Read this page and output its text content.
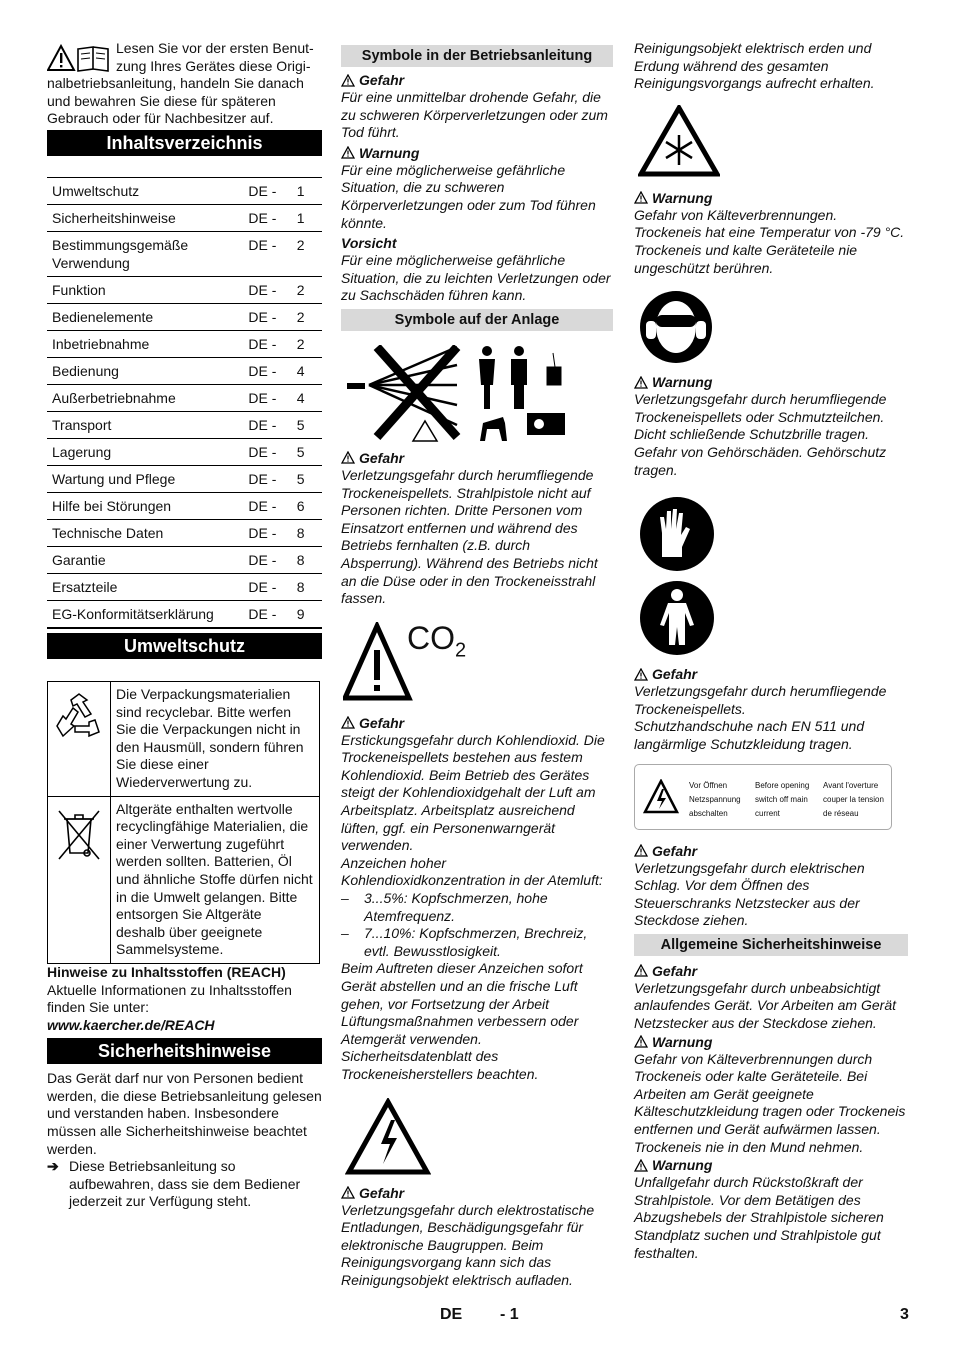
Lesen Sie vor der ersten Benut-

zung Ihres Gerätes diese Origi-

nalbetriebsanleitung, handeln Sie danach und bewahren Sie diese für späteren Gebrauch oder für Nachbesitzer auf.

Inhaltsverzeichnis
Umweltschutz	DE -	1
Sicherheitshinweise	DE -	1
Bestimmungsgemäße Verwendung	DE -	2
Funktion	DE -	2
Bedienelemente	DE -	2
Inbetriebnahme	DE -	2
Bedienung	DE -	4
Außerbetriebnahme	DE -	4
Transport	DE -	5
Lagerung	DE -	5
Wartung und Pflege	DE -	5
Hilfe bei Störungen	DE -	6
Technische Daten	DE -	8
Garantie	DE -	8
Ersatzteile	DE -	8
EG-Konformitätserklärung	DE -	9
Umweltschutz
	Die Verpackungsmaterialien sind recyclebar. Bitte werfen Sie die Verpackungen nicht in den Hausmüll, sondern führen Sie diese einer Wiederverwertung zu.
	Altgeräte enthalten wertvolle recyclingfähige Materialien, die einer Verwertung zugeführt werden sollten. Batterien, Öl und ähnliche Stoffe dürfen nicht in die Umwelt gelangen. Bitte entsorgen Sie Altgeräte deshalb über geeignete Sammelsysteme.

Hinweise zu Inhaltsstoffen (REACH)

Aktuelle Informationen zu Inhaltsstoffen finden Sie unter:

www.kaercher.de/REACH

Sicherheitshinweise

Das Gerät darf nur von Personen bedient werden, die diese Betriebsanleitung gelesen und verstanden haben. Insbesondere müssen alle Sicherheitshinweise beachtet werden.

➔ Diese Betriebsanleitung so aufbewahren, dass sie dem Bediener jederzeit zur Verfügung steht.

Symbole in der Betriebsanleitung
Gefahr

Für eine unmittelbar drohende Gefahr, die zu schweren Körperverletzungen oder zum Tod führt.

Warnung

Für eine möglicherweise gefährliche Situation, die zu schweren Körperverletzungen oder zum Tod führen könnte.

Vorsicht

Für eine möglicherweise gefährliche Situation, die zu leichten Verletzungen oder zu Sachschäden führen kann.

Symbole auf der Anlage
Gefahr

Verletzungsgefahr durch herumfliegende Trockeneispellets. Strahlpistole nicht auf Personen richten. Dritte Personen vom Einsatzort entfernen und während des Betriebs fernhalten (z.B. durch Absperrung). Während des Betriebs nicht an die Düse oder in den Trockeneisstrahl fassen.

$CO_2$
Gefahr

Erstickungsgefahr durch Kohlendioxid. Die Trockeneispellets bestehen aus festem Kohlendioxid. Beim Betrieb des Gerätes steigt der Kohlendioxidgehalt der Luft am Arbeitsplatz. Arbeitsplatz ausreichend lüften, ggf. ein Personenwarngerät verwenden.

Anzeichen hoher Kohlendioxidkonzentration in der Atemluft:

–	3...5%: Kopfschmerzen, hohe Atemfrequenz.

–	7...10%: Kopfschmerzen, Brechreiz, evtl. Bewusstlosigkeit.

Beim Auftreten dieser Anzeichen sofort Gerät abstellen und an die frische Luft gehen, vor Fortsetzung der Arbeit Lüftungsmaßnahmen verbessern oder Atemgerät verwenden.

Sicherheitsdatenblatt des Trockeneisherstellers beachten.

Gefahr

Verletzungsgefahr durch elektrostatische Entladungen, Beschädigungsgefahr für elektronische Baugruppen. Beim Reinigungsvorgang kann sich das Reinigungsobjekt elektrisch aufladen.

Reinigungsobjekt elektrisch erden und Erdung während des gesamten Reinigungsvorgangs aufrecht erhalten.

Warnung

Gefahr von Kälteverbrennungen. Trockeneis hat eine Temperatur von -79 °C. Trockeneis und kalte Geräteteile nie ungeschützt berühren.

Warnung

Verletzungsgefahr durch herumfliegende Trockeneispellets oder Schmutzteilchen. Dicht schließende Schutzbrille tragen. Gefahr von Gehörschäden. Gehörschutz tragen.

Gefahr

Verletzungsgefahr durch herumfliegende Trockeneispellets.

Schutzhandschuhe nach EN 511 und langärmlige Schutzkleidung tragen.

Vor Öffnen
Netzspannung
abschalten
Before opening
switch off main
current
Avant l'overture
couper la tension
de réseau
Gefahr

Verletzungsgefahr durch elektrischen Schlag. Vor dem Öffnen des Steuerschranks Netzstecker aus der Steckdose ziehen.

Allgemeine Sicherheitshinweise
Gefahr

Verletzungsgefahr durch unbeabsichtigt anlaufendes Gerät. Vor Arbeiten am Gerät Netzstecker aus der Steckdose ziehen.

Warnung

Gefahr von Kälteverbrennungen durch Trockeneis oder kalte Geräteteile. Bei Arbeiten am Gerät geeignete Kälteschutzkleidung tragen oder Trockeneis entfernen und Gerät aufwärmen lassen.

Trockeneis nie in den Mund nehmen.

Warnung

Unfallgefahr durch Rückstoßkraft der Strahlpistole. Vor dem Betätigen des Abzugshebels der Strahlpistole sicheren Standplatz suchen und Strahlpistole gut festhalten.

DE - 1	3
